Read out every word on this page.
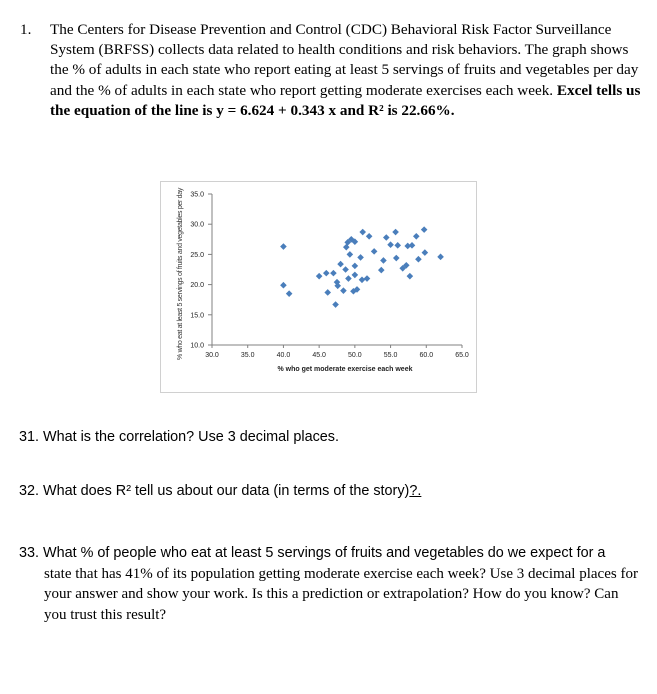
1.	The Centers for Disease Prevention and Control (CDC) Behavioral Risk Factor Surveillance System (BRFSS) collects data related to health conditions and risk behaviors. The graph shows the % of adults in each state who report eating at least 5 servings of fruits and vegetables per day and the % of adults in each state who report getting moderate exercises each week. Excel tells us the equation of the line is y = 6.624 + 0.343 x and R² is 22.66%.
35.0
30.0
25.0
20.0
15.0
10.0
30.0	35.0	40.0	45.0	50.0	55.0	60.0	65.0
% who get moderate exercise each week
% who eat at least 5 servings of fruits and vegetables per day
31. What is the correlation? Use 3 decimal places.
32. What does R² tell us about our data (in terms of the story)?.
33. What % of people who eat at least 5 servings of fruits and vegetables do we expect for a
state that has 41% of its population getting moderate exercise each week? Use 3 decimal places for your answer and show your work. Is this a prediction or extrapolation? How do you know? Can you trust this result?
